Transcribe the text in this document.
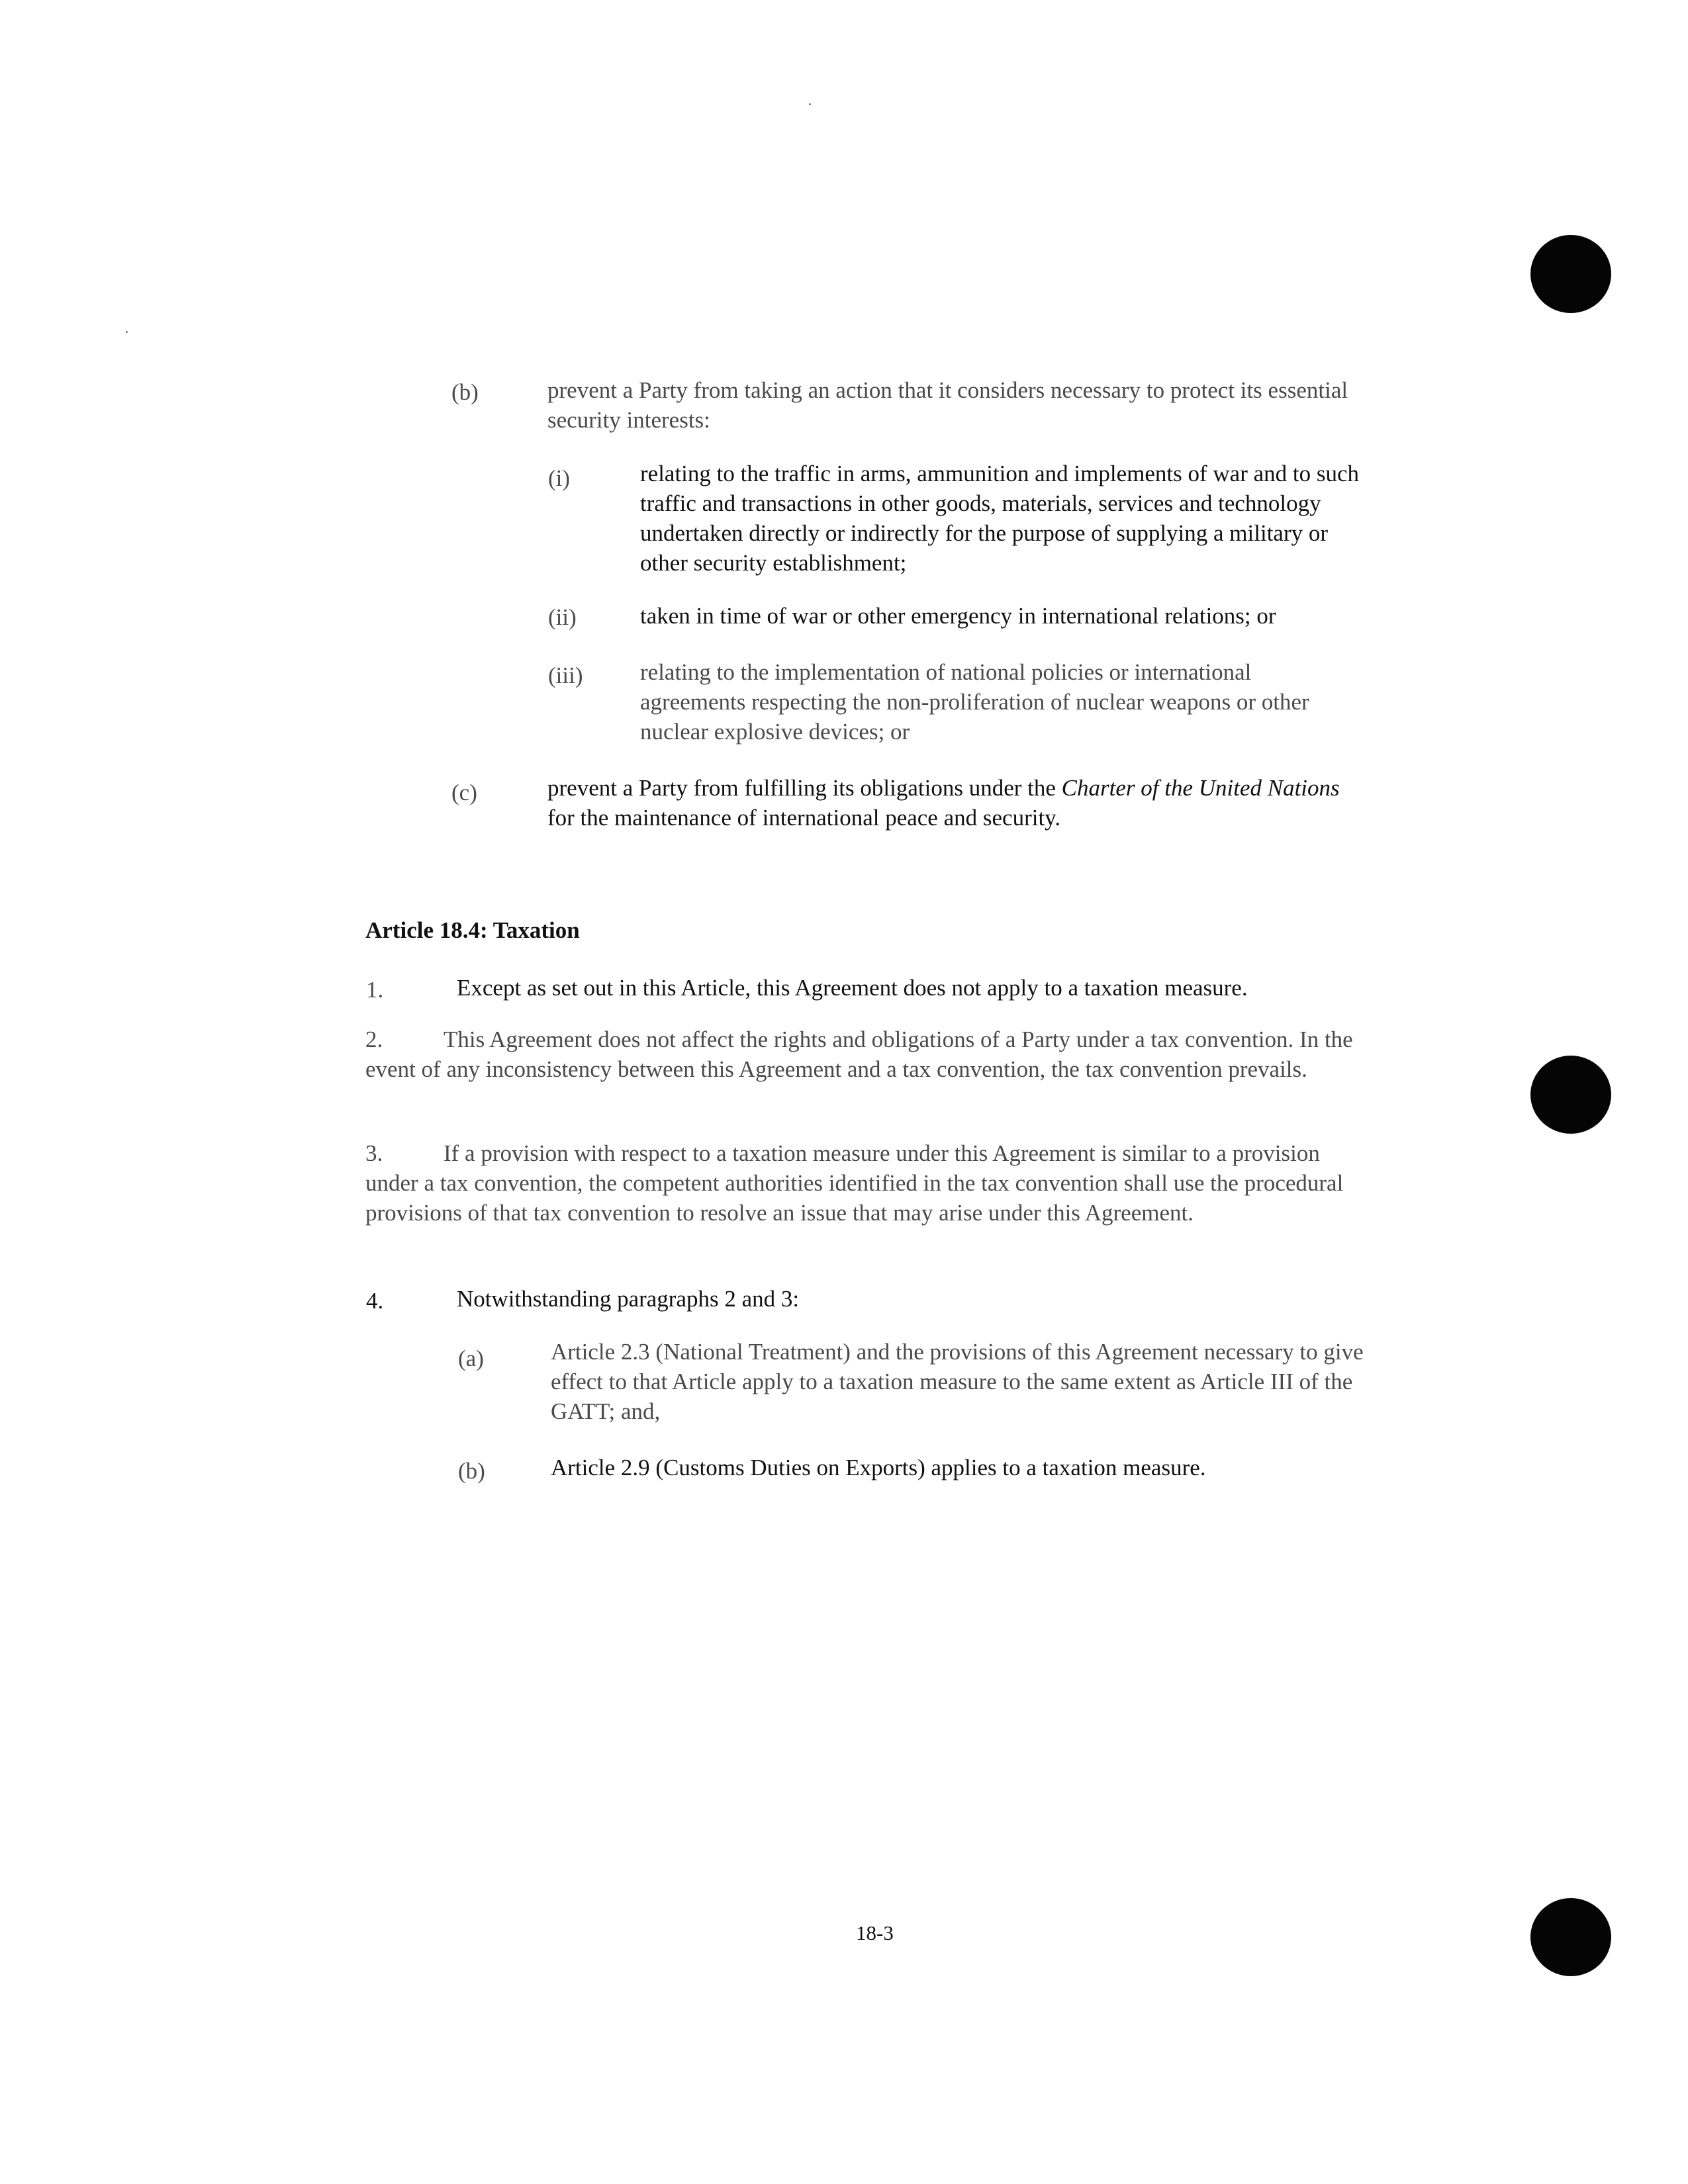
(b)	prevent a Party from taking an action that it considers necessary to protect its essential security interests:
(i)	relating to the traffic in arms, ammunition and implements of war and to such traffic and transactions in other goods, materials, services and technology undertaken directly or indirectly for the purpose of supplying a military or other security establishment;
(ii)	taken in time of war or other emergency in international relations; or
(iii) relating to the implementation of national policies or international agreements respecting the non-proliferation of nuclear weapons or other nuclear explosive devices; or
(c)	prevent a Party from fulfilling its obligations under the Charter of the United Nations for the maintenance of international peace and security.
Article 18.4: Taxation
1.	Except as set out in this Article, this Agreement does not apply to a taxation measure.
2.	This Agreement does not affect the rights and obligations of a Party under a tax convention. In the event of any inconsistency between this Agreement and a tax convention, the tax convention prevails.
3.	If a provision with respect to a taxation measure under this Agreement is similar to a provision under a tax convention, the competent authorities identified in the tax convention shall use the procedural provisions of that tax convention to resolve an issue that may arise under this Agreement.
4.	Notwithstanding paragraphs 2 and 3:
(a)	Article 2.3 (National Treatment) and the provisions of this Agreement necessary to give effect to that Article apply to a taxation measure to the same extent as Article III of the GATT; and,
(b)	Article 2.9 (Customs Duties on Exports) applies to a taxation measure.
18-3
